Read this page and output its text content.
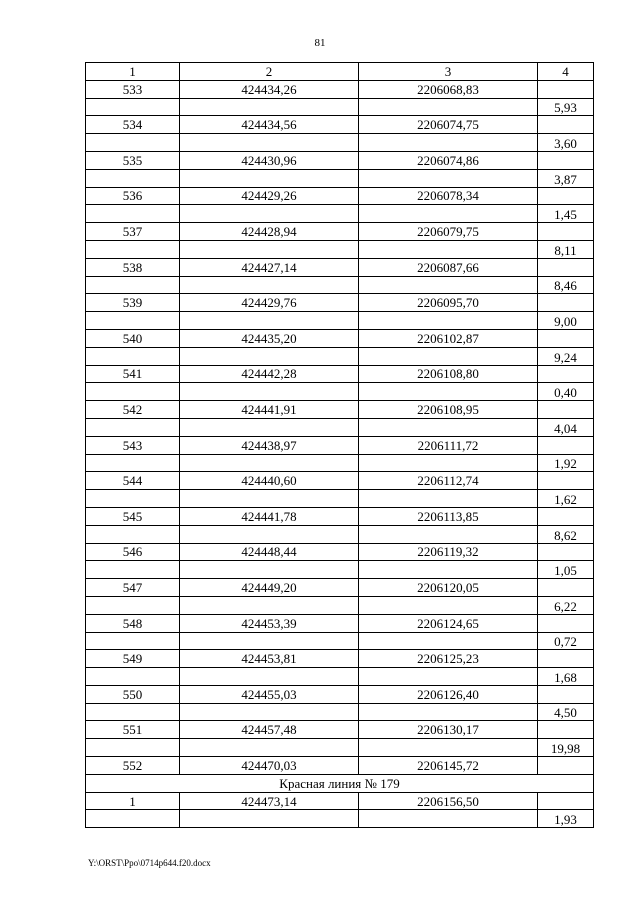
81
1	2	3	4
533	424434,26	2206068,83	
			5,93
534	424434,56	2206074,75	
			3,60
535	424430,96	2206074,86	
			3,87
536	424429,26	2206078,34	
			1,45
537	424428,94	2206079,75	
			8,11
538	424427,14	2206087,66	
			8,46
539	424429,76	2206095,70	
			9,00
540	424435,20	2206102,87	
			9,24
541	424442,28	2206108,80	
			0,40
542	424441,91	2206108,95	
			4,04
543	424438,97	2206111,72	
			1,92
544	424440,60	2206112,74	
			1,62
545	424441,78	2206113,85	
			8,62
546	424448,44	2206119,32	
			1,05
547	424449,20	2206120,05	
			6,22
548	424453,39	2206124,65	
			0,72
549	424453,81	2206125,23	
			1,68
550	424455,03	2206126,40	
			4,50
551	424457,48	2206130,17	
			19,98
552	424470,03	2206145,72	
Красная линия № 179			
1	424473,14	2206156,50	
			1,93
Y:\ORST\Ppo\0714p644.f20.docx
